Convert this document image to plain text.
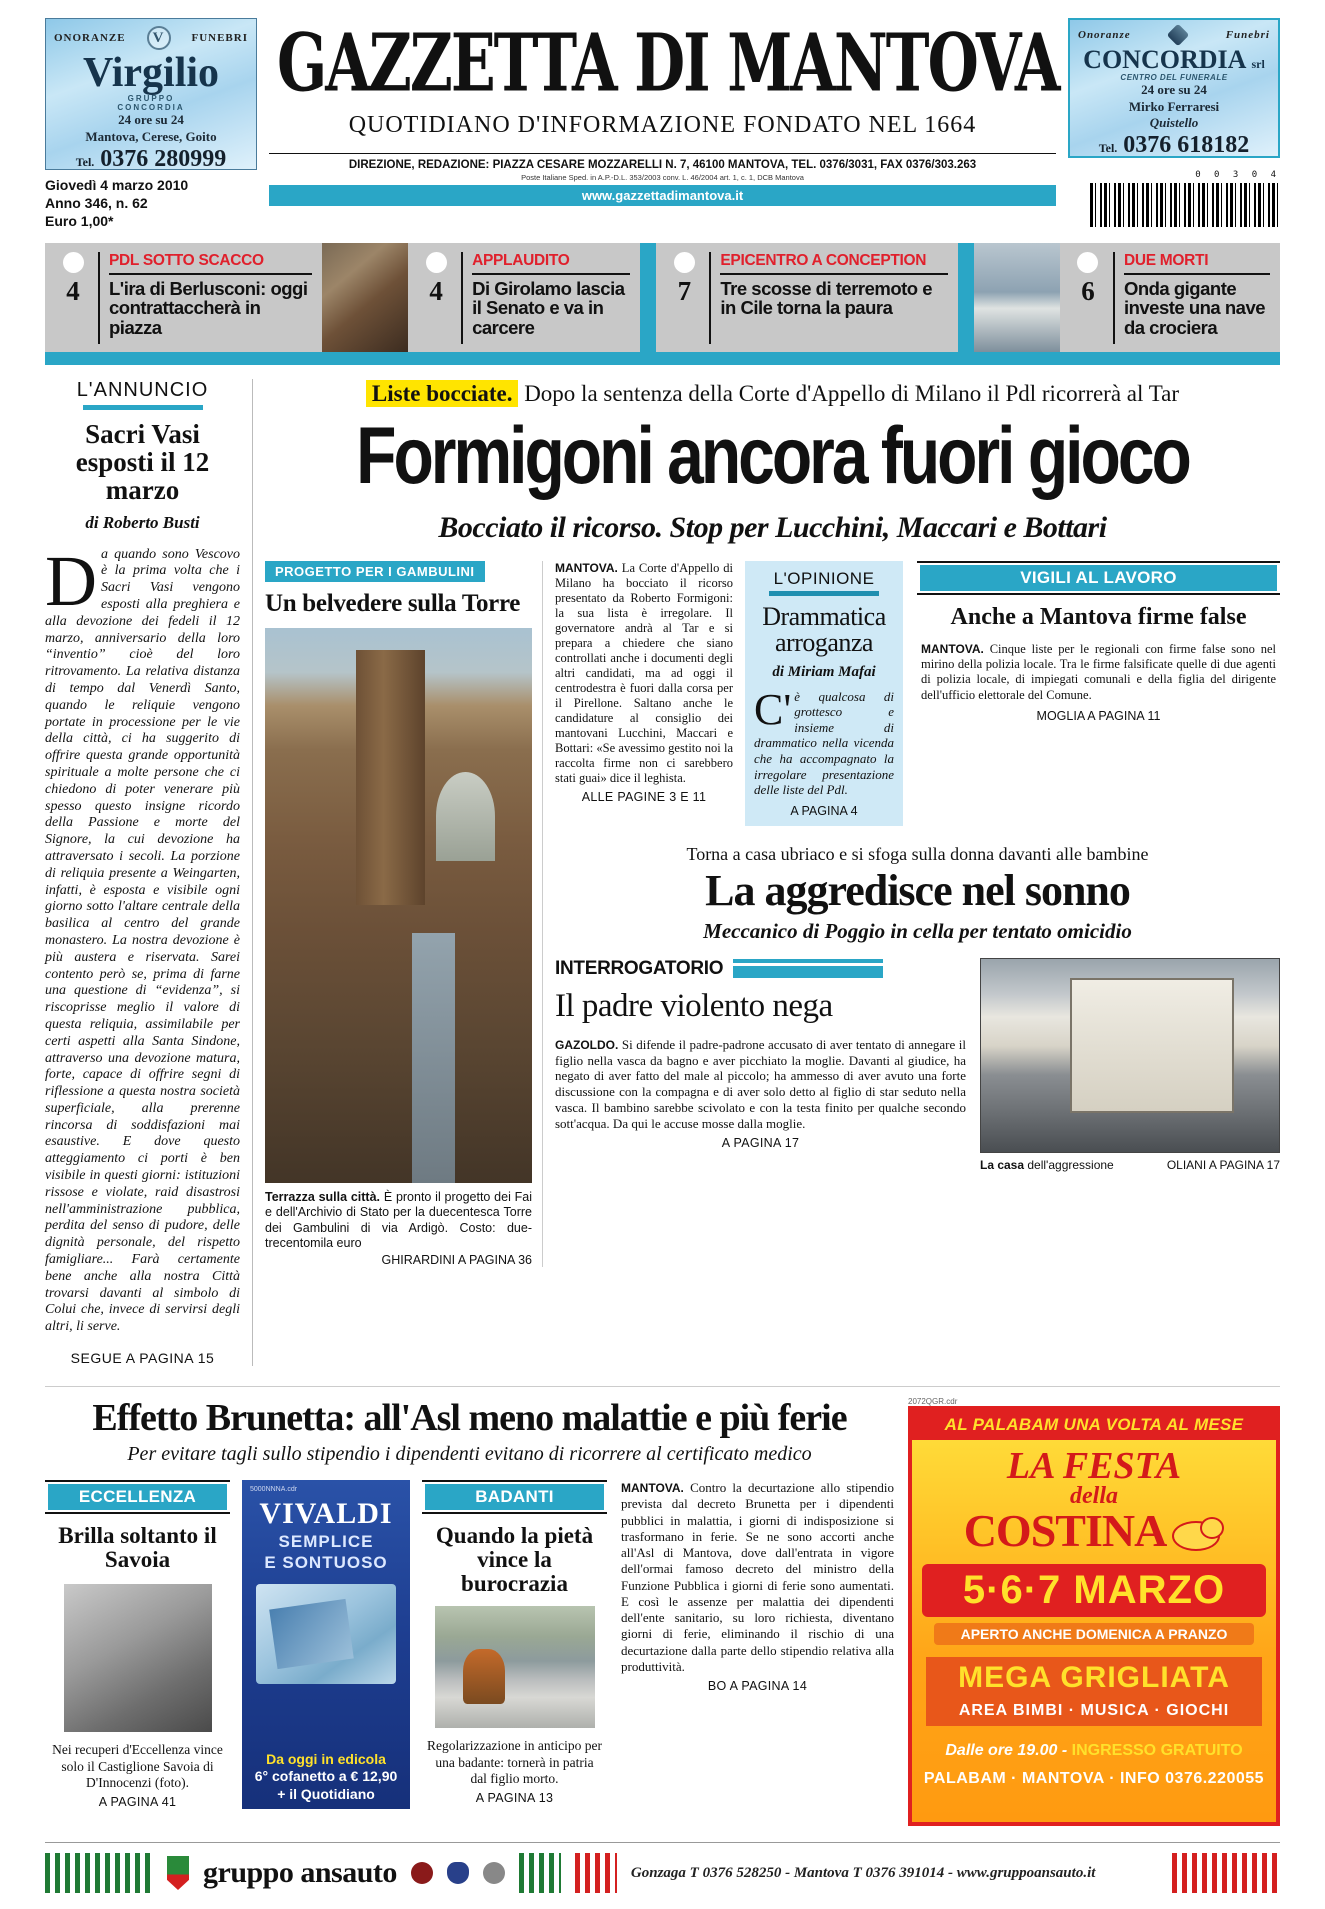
ONORANZE	V	FUNEBRI
Virgilio
GRUPPO
CONCORDIA
24 ore su 24
Mantova, Cerese, Goito
Tel. 0376 280999
Giovedì 4 marzo 2010
Anno 346, n. 62
Euro 1,00*
GAZZETTA DI MANTOVA
QUOTIDIANO D'INFORMAZIONE FONDATO NEL 1664
DIREZIONE, REDAZIONE: PIAZZA CESARE MOZZARELLI N. 7, 46100 MANTOVA, TEL. 0376/3031, FAX 0376/303.263
Poste Italiane Sped. in A.P.-D.L. 353/2003 conv. L. 46/2004 art. 1, c. 1, DCB Mantova
www.gazzettadimantova.it
Onoranze	Funebri
CONCORDIA srl
CENTRO DEL FUNERALE
24 ore su 24
Mirko Ferraresi
Quistello
Tel. 0376 618182
0 0 3 0 4
4
PDL SOTTO SCACCO
L'ira di Berlusconi: oggi contrattaccherà in piazza
4
APPLAUDITO
Di Girolamo lascia il Senato e va in carcere
7
EPICENTRO A CONCEPTION
Tre scosse di terremoto e in Cile torna la paura
6
DUE MORTI
Onda gigante investe una nave da crociera
L'ANNUNCIO
Sacri Vasi esposti il 12 marzo
di Roberto Busti

Da quando sono Vescovo è la prima volta che i Sacri Vasi vengono esposti alla preghiera e alla devozione dei fedeli il 12 marzo, anniversario della loro “inventio” cioè del loro ritrovamento. La relativa distanza di tempo dal Venerdì Santo, quando le reliquie vengono portate in processione per le vie della città, ci ha suggerito di offrire questa grande opportunità spirituale a molte persone che ci chiedono di poter venerare più spesso questo insigne ricordo della Passione e morte del Signore, la cui devozione ha attraversato i secoli. La porzione di reliquia presente a Weingarten, infatti, è esposta e visibile ogni giorno sotto l'altare centrale della basilica al centro del grande monastero. La nostra devozione è più austera e riservata. Sarei contento però se, prima di farne una questione di “evidenza”, si riscoprisse meglio il valore di questa reliquia, assimilabile per certi aspetti alla Santa Sindone, attraverso una devozione matura, forte, capace di offrire segni di riflessione a questa nostra società superficiale, alla prerenne rincorsa di soddisfazioni mai esaustive. E dove questo atteggiamento ci porti è ben visibile in questi giorni: istituzioni rissose e violate, raid disastrosi nell'amministrazione pubblica, perdita del senso di pudore, delle dignità personale, del rispetto famigliare... Farà certamente bene anche alla nostra Città trovarsi davanti al simbolo di Colui che, invece di servirsi degli altri, li serve.

SEGUE A PAGINA 15
Liste bocciate. Dopo la sentenza della Corte d'Appello di Milano il Pdl ricorrerà al Tar
Formigoni ancora fuori gioco
Bocciato il ricorso. Stop per Lucchini, Maccari e Bottari
PROGETTO PER I GAMBULINI
Un belvedere sulla Torre
Terrazza sulla città. È pronto il progetto dei Fai e dell'Archivio di Stato per la duecentesca Torre dei Gambulini di via Ardigò. Costo: due-trecentomila euro
GHIRARDINI A PAGINA 36
MANTOVA. La Corte d'Appello di Milano ha bocciato il ricorso presentato da Roberto Formigoni: la sua lista è irregolare. Il governatore andrà al Tar e si prepara a chiedere che siano controllati anche i documenti degli altri candidati, ma ad oggi il centrodestra è fuori dalla corsa per il Pirellone. Saltano anche le candidature al consiglio dei mantovani Lucchini, Maccari e Bottari: «Se avessimo gestito noi la raccolta firme non ci sarebbero stati guai» dice il leghista.
ALLE PAGINE 3 E 11
L'OPINIONE
Drammatica arroganza
di Miriam Mafai

C' è qualcosa di grottesco e insieme di drammatico nella vicenda che ha accompagnato la irregolare presentazione delle liste del Pdl.

A PAGINA 4
VIGILI AL LAVORO
Anche a Mantova firme false

MANTOVA. Cinque liste per le regionali con firme false sono nel mirino della polizia locale. Tra le firme falsificate quelle di due agenti di polizia locale, di impiegati comunali e della figlia del dirigente dell'ufficio elettorale del Comune.

MOGLIA A PAGINA 11
Torna a casa ubriaco e si sfoga sulla donna davanti alle bambine
La aggredisce nel sonno
Meccanico di Poggio in cella per tentato omicidio
INTERROGATORIO
Il padre violento nega

GAZOLDO. Si difende il padre-padrone accusato di aver tentato di annegare il figlio nella vasca da bagno e aver picchiato la moglie. Davanti al giudice, ha negato di aver fatto del male al piccolo; ha ammesso di aver avuto una forte discussione con la compagna e di aver solo detto al figlio di star seduto nella vasca. Il bambino sarebbe scivolato e con la testa finito per qualche secondo sott'acqua. Da qui le accuse mosse dalla moglie.

A PAGINA 17
La casa dell'aggressione	OLIANI A PAGINA 17
Effetto Brunetta: all'Asl meno malattie e più ferie
Per evitare tagli sullo stipendio i dipendenti evitano di ricorrere al certificato medico
ECCELLENZA
Brilla soltanto il Savoia
Nei recuperi d'Eccellenza vince solo il Castiglione Savoia di D'Innocenzi (foto).
A PAGINA 41
5000NNNA.cdr
VIVALDI
SEMPLICE
E SONTUOSO
Da oggi in edicola
6° cofanetto a € 12,90
+ il Quotidiano
BADANTI
Quando la pietà vince la burocrazia
Regolarizzazione in anticipo per una badante: tornerà in patria dal figlio morto.
A PAGINA 13
MANTOVA. Contro la decurtazione allo stipendio prevista dal decreto Brunetta per i dipendenti pubblici in malattia, i giorni di indisposizione si trasformano in ferie. Se ne sono accorti anche all'Asl di Mantova, dove dall'entrata in vigore dell'ormai famoso decreto del ministro della Funzione Pubblica i giorni di ferie sono aumentati. E così le assenze per malattia dei dipendenti dell'ente sanitario, su loro richiesta, diventano giorni di ferie, eliminando il rischio di una decurtazione dalla parte dello stipendio relativa alla produttività.
BO A PAGINA 14
2072QGR.cdr
AL PALABAM UNA VOLTA AL MESE
LA FESTA
della
COSTINA
5·6·7 MARZO
APERTO ANCHE DOMENICA A PRANZO
MEGA GRIGLIATA
AREA BIMBI · MUSICA · GIOCHI
Dalle ore 19.00 - INGRESSO GRATUITO
PALABAM · MANTOVA · INFO 0376.220055
gruppo ansauto	Gonzaga T 0376 528250 - Mantova T 0376 391014 - www.gruppoansauto.it
